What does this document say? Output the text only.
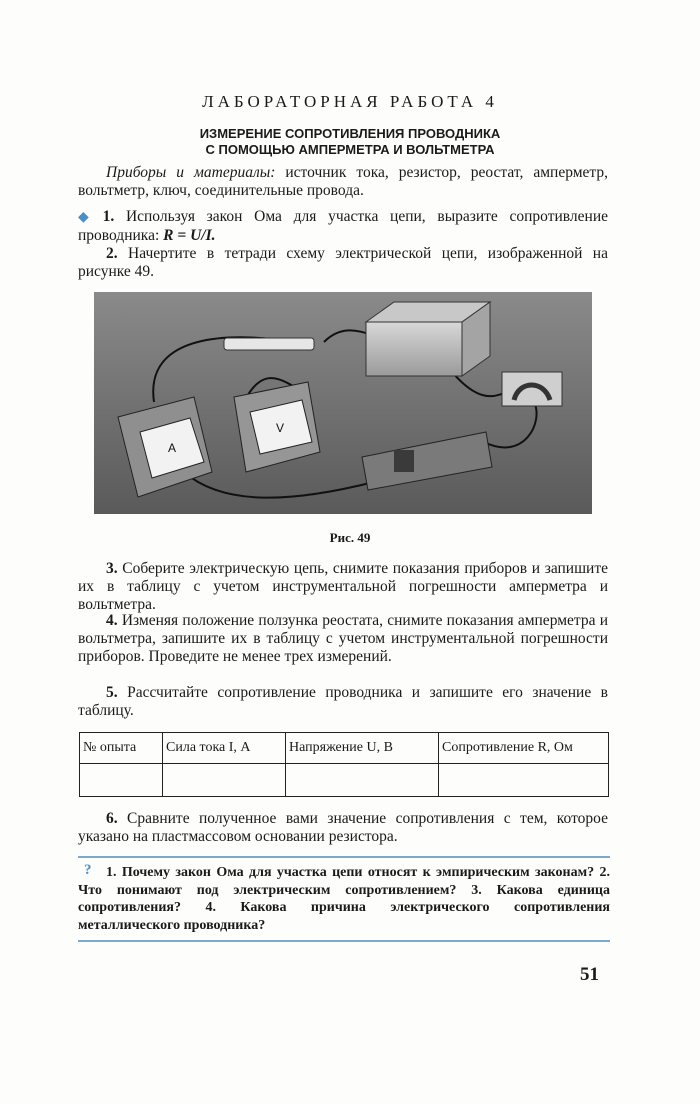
ЛАБОРАТОРНАЯ РАБОТА 4
ИЗМЕРЕНИЕ СОПРОТИВЛЕНИЯ ПРОВОДНИКА
С ПОМОЩЬЮ АМПЕРМЕТРА И ВОЛЬТМЕТРА
Приборы и материалы: источник тока, резистор, реостат, амперметр, вольтметр, ключ, соединительные провода.
◆ 1. Используя закон Ома для участка цепи, выразите сопротивление проводника: R = U/I.
2. Начертите в тетради схему электрической цепи, изображенной на рисунке 49.
А
V
Рис. 49
3. Соберите электрическую цепь, снимите показания приборов и запишите их в таблицу с учетом инструментальной погрешности амперметра и вольтметра.
4. Изменяя положение ползунка реостата, снимите показания амперметра и вольтметра, запишите их в таблицу с учетом инструментальной погрешности приборов. Проведите не менее трех измерений.
5. Рассчитайте сопротивление проводника и запишите его значение в таблицу.
№ опыта	Сила тока I, А	Напряжение U, В	Сопротивление R, Ом

6. Сравните полученное вами значение сопротивления с тем, которое указано на пластмассовом основании резистора.
?	1. Почему закон Ома для участка цепи относят к эмпирическим законам? 2. Что понимают под электрическим сопротивлением? 3. Какова единица сопротивления? 4. Какова причина электрического сопротивления металлического проводника?
51
